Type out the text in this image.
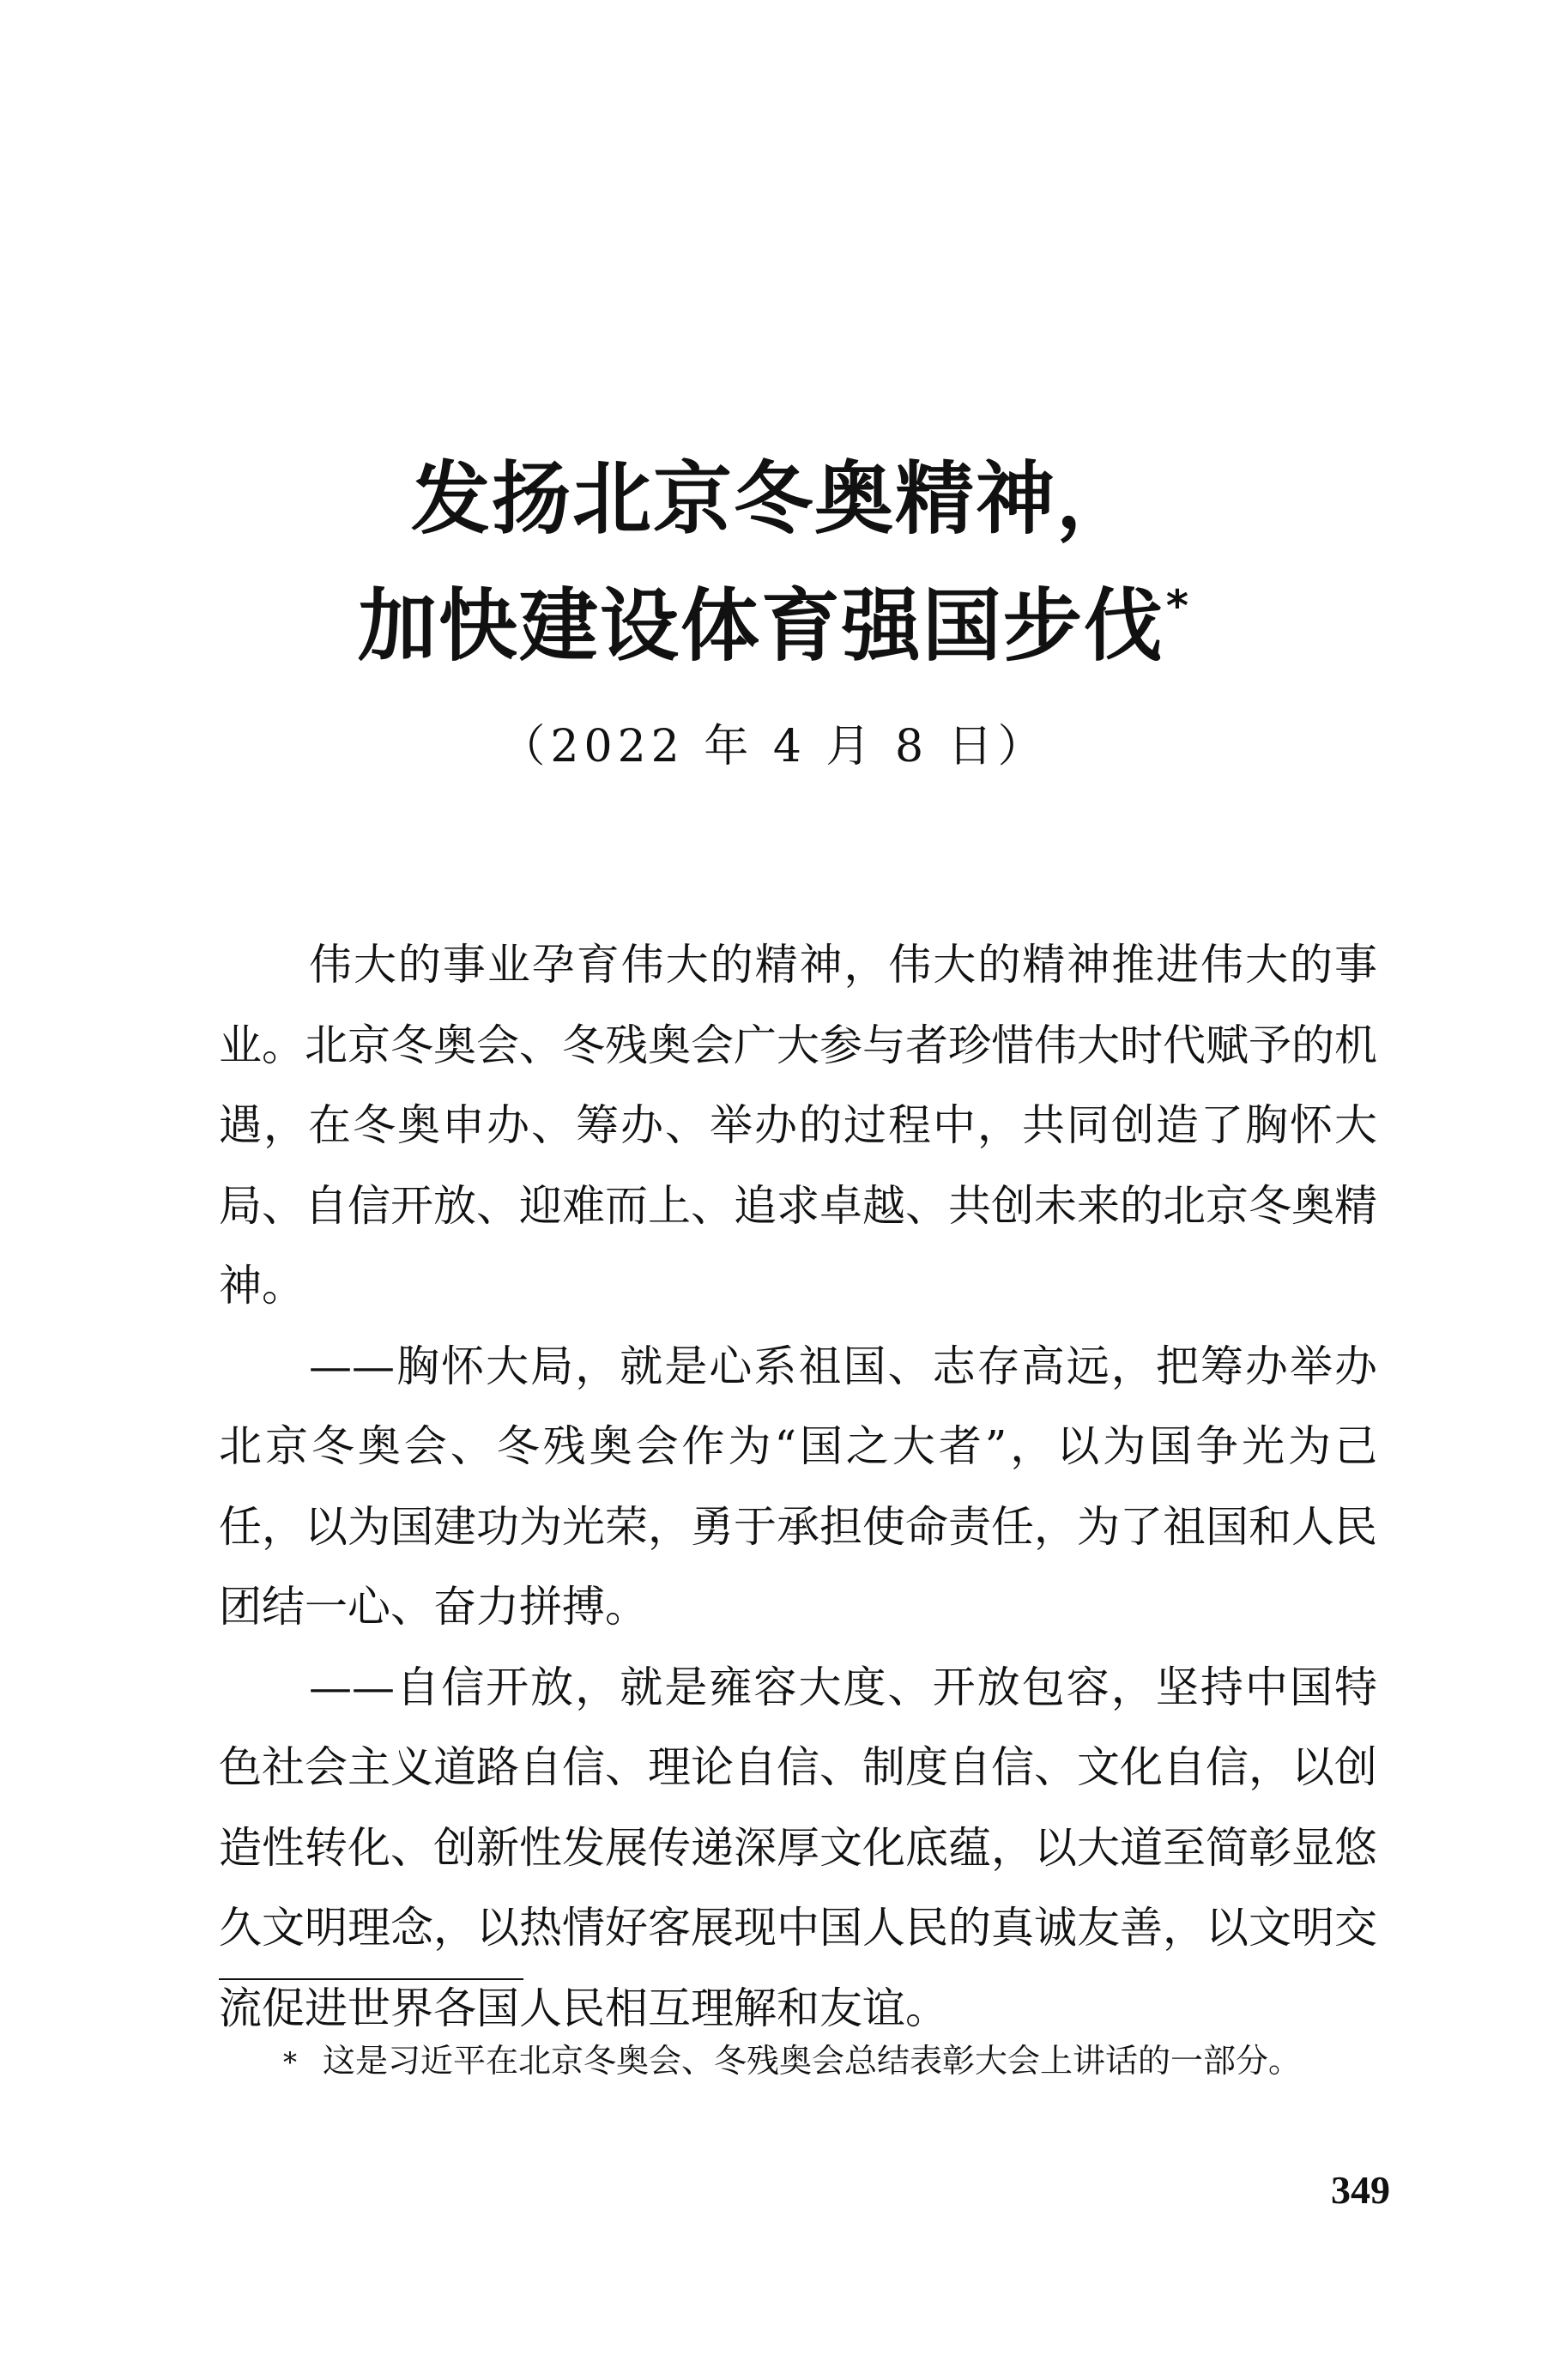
发扬北京冬奥精神，
加快建设体育强国步伐*
（2022 年 4 月 8 日）

伟大的事业孕育伟大的精神，伟大的精神推进伟大的事业。北京冬奥会、冬残奥会广大参与者珍惜伟大时代赋予的机遇，在冬奥申办、筹办、举办的过程中，共同创造了胸怀大局、自信开放、迎难而上、追求卓越、共创未来的北京冬奥精神。

——胸怀大局，就是心系祖国、志存高远，把筹办举办北京冬奥会、冬残奥会作为“国之大者”，以为国争光为己任，以为国建功为光荣，勇于承担使命责任，为了祖国和人民团结一心、奋力拼搏。

——自信开放，就是雍容大度、开放包容，坚持中国特色社会主义道路自信、理论自信、制度自信、文化自信，以创造性转化、创新性发展传递深厚文化底蕴，以大道至简彰显悠久文明理念，以热情好客展现中国人民的真诚友善，以文明交流促进世界各国人民相互理解和友谊。

* 这是习近平在北京冬奥会、冬残奥会总结表彰大会上讲话的一部分。
349
